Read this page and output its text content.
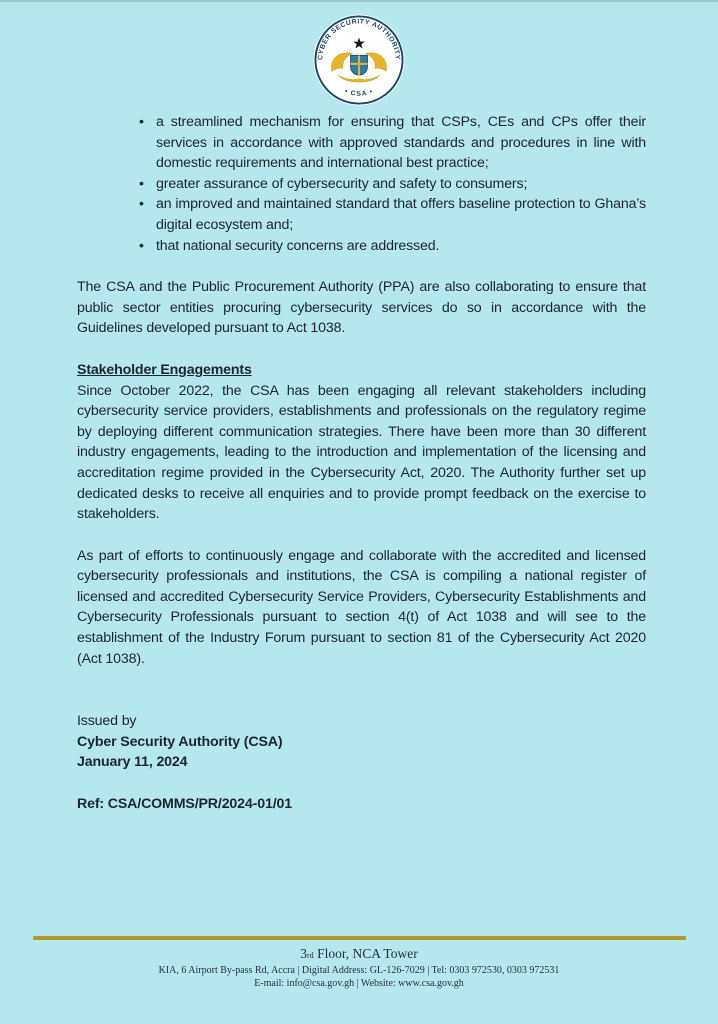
CYBER SECURITY AUTHORITY
• CSA •
• a streamlined mechanism for ensuring that CSPs, CEs and CPs offer their services in accordance with approved standards and procedures in line with domestic requirements and international best practice;
• greater assurance of cybersecurity and safety to consumers;
• an improved and maintained standard that offers baseline protection to Ghana’s digital ecosystem and;
• that national security concerns are addressed.

The CSA and the Public Procurement Authority (PPA) are also collaborating to ensure that public sector entities procuring cybersecurity services do so in accordance with the Guidelines developed pursuant to Act 1038.

Stakeholder Engagements

Since October 2022, the CSA has been engaging all relevant stakeholders including cybersecurity service providers, establishments and professionals on the regulatory regime by deploying different communication strategies. There have been more than 30 different industry engagements, leading to the introduction and implementation of the licensing and accreditation regime provided in the Cybersecurity Act, 2020. The Authority further set up dedicated desks to receive all enquiries and to provide prompt feedback on the exercise to stakeholders.

As part of efforts to continuously engage and collaborate with the accredited and licensed cybersecurity professionals and institutions, the CSA is compiling a national register of licensed and accredited Cybersecurity Service Providers, Cybersecurity Establishments and Cybersecurity Professionals pursuant to section 4(t) of Act 1038 and will see to the establishment of the Industry Forum pursuant to section 81 of the Cybersecurity Act 2020 (Act 1038).

Issued by
Cyber Security Authority (CSA)
January 11, 2024
Ref: CSA/COMMS/PR/2024-01/01
3rd Floor, NCA Tower
KIA, 6 Airport By-pass Rd, Accra | Digital Address: GL-126-7029 | Tel: 0303 972530, 0303 972531
E-mail: info@csa.gov.gh | Website: www.csa.gov.gh
